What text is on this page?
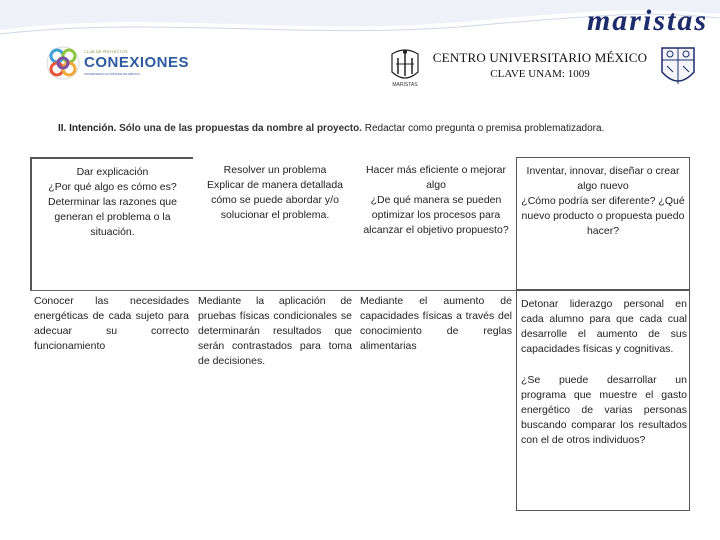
maristas
CLUB DE PROYECTOS
CONEXIONES
UNIVERSIDAD AUTÓNOMA DE MÉXICO
MARISTAS
CENTRO UNIVERSITARIO MÉXICO
CLAVE UNAM: 1009
II. Intención. Sólo una de las propuestas da nombre al proyecto. Redactar como pregunta o premisa problematizadora.
Dar explicación
¿Por qué algo es cómo es? Determinar las razones que generan el problema o la situación.
Conocer las necesidades energéticas de cada sujeto para adecuar su correcto funcionamiento
Resolver un problema
Explicar de manera detallada cómo se puede abordar y/o solucionar el problema.
Mediante la aplicación de pruebas físicas condicionales se determinarán resultados que serán contrastados para toma de decisiones.
Hacer más eficiente o mejorar algo
¿De qué manera se pueden optimizar los procesos para alcanzar el objetivo propuesto?
Mediante el aumento de capacidades físicas a través del conocimiento de reglas alimentarias
Inventar, innovar, diseñar o crear algo nuevo
¿Cómo podría ser diferente? ¿Qué nuevo producto o propuesta puedo hacer?
Detonar liderazgo personal en cada alumno para que cada cual desarrolle el aumento de sus capacidades físicas y cognitivas.
¿Se puede desarrollar un programa que muestre el gasto energético de varias personas buscando comparar los resultados con el de otros individuos?
